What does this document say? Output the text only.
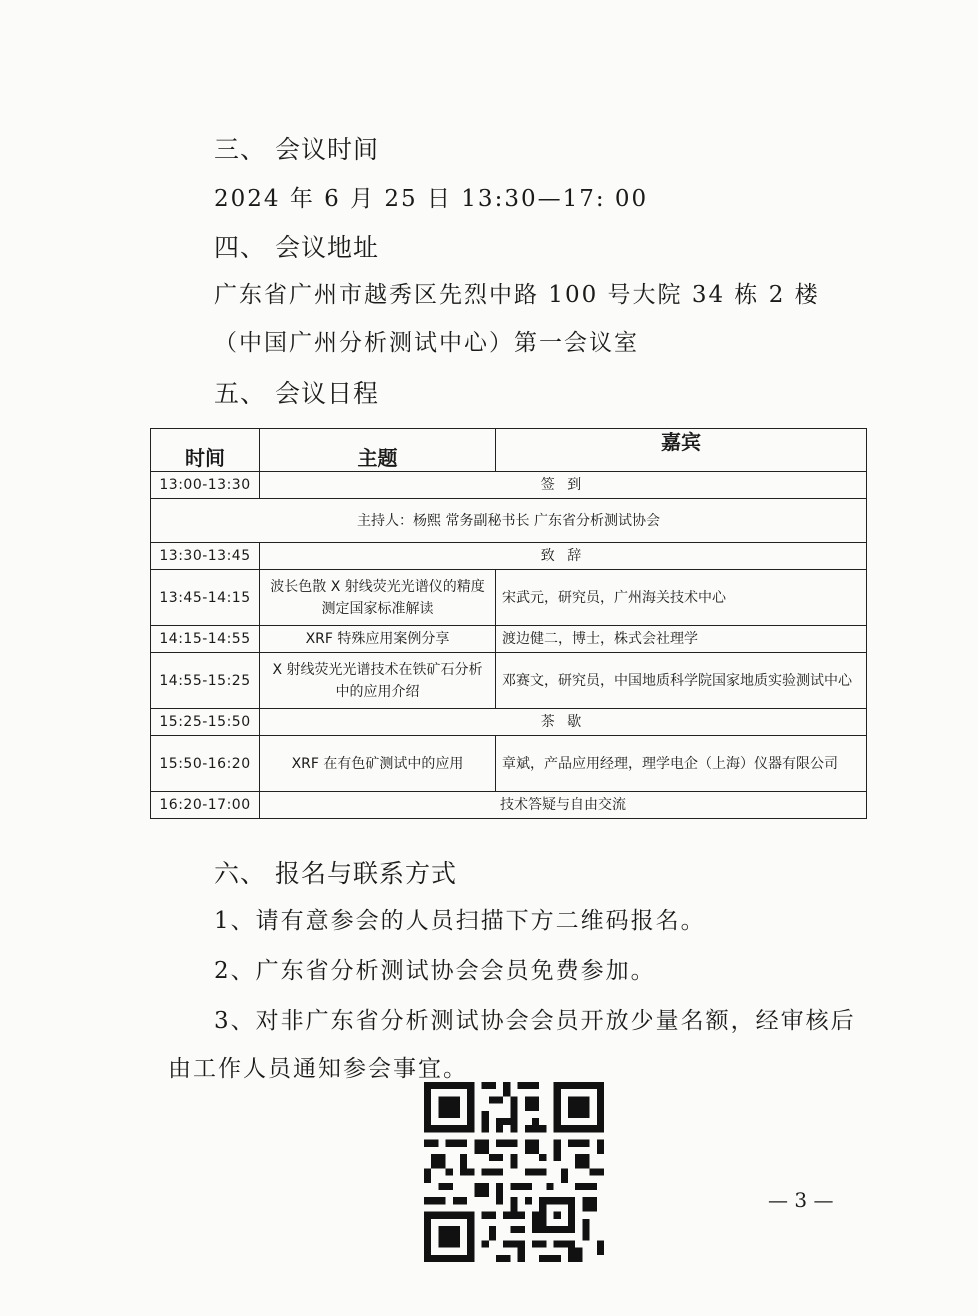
三、 会议时间
2024 年 6 月 25 日 13:30—17: 00
四、 会议地址
广东省广州市越秀区先烈中路 100 号大院 34 栋 2 楼
（中国广州分析测试中心）第一会议室
五、 会议日程
时间	主题	嘉宾
13:00-13:30	签 到	
主持人：杨熙 常务副秘书长 广东省分析测试协会		
13:30-13:45	致 辞	
13:45-14:15	波长色散 X 射线荧光光谱仪的精度测定国家标准解读	宋武元，研究员，广州海关技术中心
14:15-14:55	XRF 特殊应用案例分享	渡边健二，博士，株式会社理学
14:55-15:25	X 射线荧光光谱技术在铁矿石分析中的应用介绍	邓赛文，研究员，中国地质科学院国家地质实验测试中心
15:25-15:50	茶 歇	
15:50-16:20	XRF 在有色矿测试中的应用	章斌，产品应用经理，理学电企（上海）仪器有限公司
16:20-17:00	技术答疑与自由交流	
六、 报名与联系方式
1、请有意参会的人员扫描下方二维码报名。
2、广东省分析测试协会会员免费参加。
3、对非广东省分析测试协会会员开放少量名额，经审核后
由工作人员通知参会事宜。
— 3 —
